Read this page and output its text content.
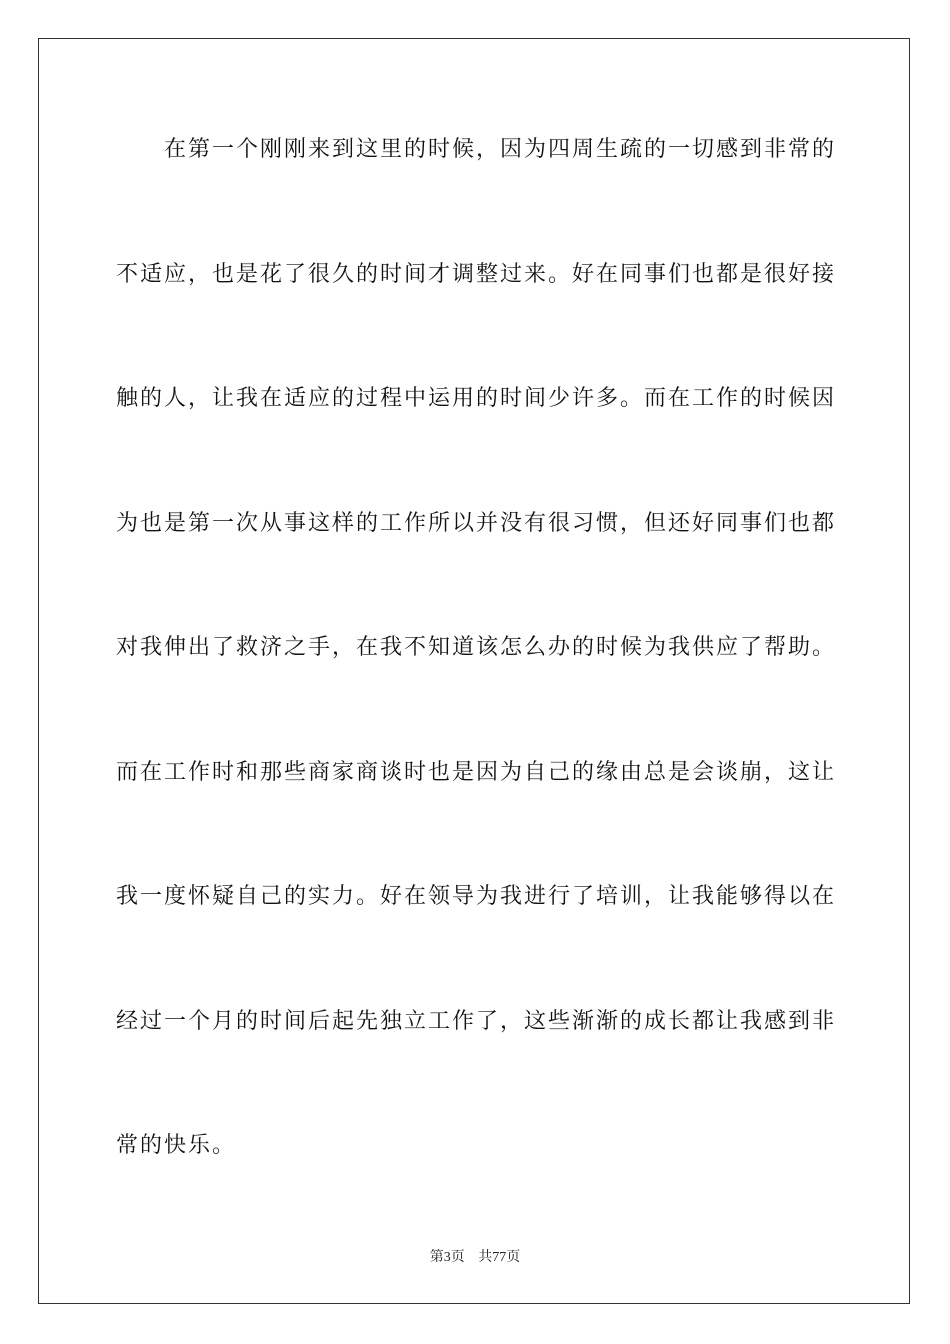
在第一个刚刚来到这里的时候，因为四周生疏的一切感到非常的
不适应，也是花了很久的时间才调整过来。好在同事们也都是很好接
触的人，让我在适应的过程中运用的时间少许多。而在工作的时候因
为也是第一次从事这样的工作所以并没有很习惯，但还好同事们也都
对我伸出了救济之手，在我不知道该怎么办的时候为我供应了帮助。
而在工作时和那些商家商谈时也是因为自己的缘由总是会谈崩，这让
我一度怀疑自己的实力。好在领导为我进行了培训，让我能够得以在
经过一个月的时间后起先独立工作了，这些渐渐的成长都让我感到非
常的快乐。
第3页 共77页
